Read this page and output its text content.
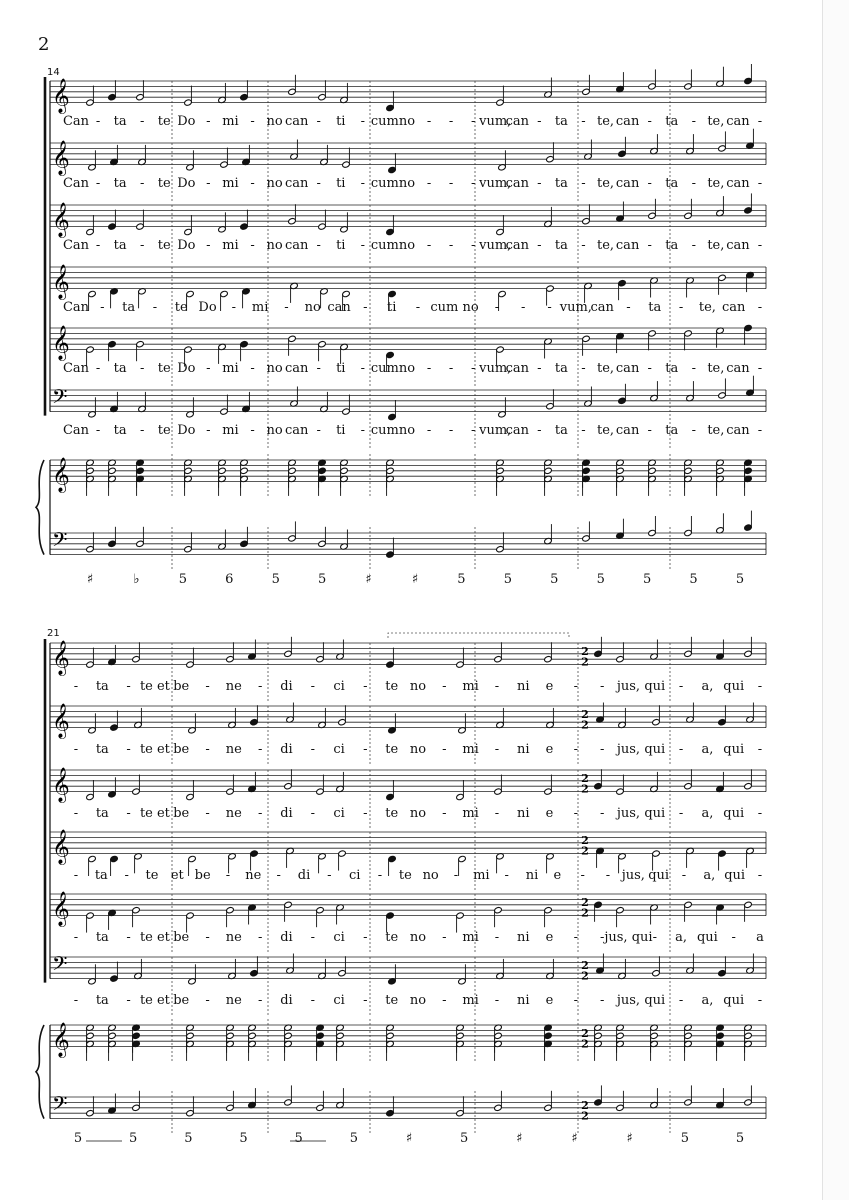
2
14
𝄞
Can - ta - te Do - mi - no can - ti - cum no - - - vum,
can - ta - te, can - ta - te, can -
𝄞
Can - ta - te Do - mi - no can - ti - cum no - - - vum,
can - ta - te, can - ta - te, can -
𝄞
Can - ta - te Do - mi - no can - ti - cum no - - - vum,
can - ta - te, can - ta - te, can -
𝄞
Can - ta - te Do - mi - no can - ti - cum no - - - vum,
can - ta - te, can -
𝄞
Can - ta - te Do - mi - no can - ti - cum no - - - vum,
can - ta - te, can - ta - te, can -
𝄢
Can - ta - te Do - mi - no can - ti - cum no - - - vum,
can - ta - te, can - ta - te, can -
𝄞
𝄢
♯	♭	5	6	5	5	♯	♯	5	5	5	5	5	5	5
21
𝄞
- ta - te et be - ne - di - ci - te no - mi - ni e - - jus, qui - a, qui -
𝄞
- ta - te et be - ne - di - ci - te no - mi - ni e - - jus, qui - a, qui -
𝄞
- ta - te et be - ne - di - ci - te no - mi - ni e - - jus, qui - a, qui -
𝄞
- ta - te et be - ne - di - ci - te no - mi - ni e - - jus, qui - a, qui -
𝄞
- ta - te et be - ne - di - ci - te no - mi - ni e - - jus, qui - a, qui - a
𝄢
- ta - te et be - ne - di - ci - te no - mi - ni e - - jus, qui - a, qui -
𝄞
𝄢
5	5	5	5	5	5	♯	5	♯	♯	♯	5	5
2
2
2
2
2
2
2
2
2
2
2
2
2
2
2
2
